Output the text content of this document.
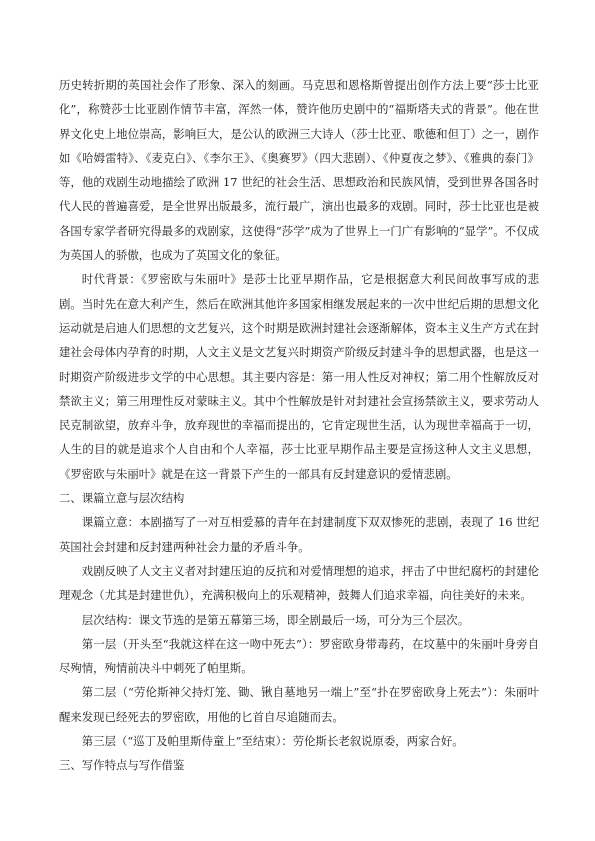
历史转折期的英国社会作了形象、深入的刻画。马克思和恩格斯曾提出创作方法上要“莎士比亚化”，称赞莎士比亚剧作情节丰富，浑然一体，赞许他历史剧中的“福斯塔夫式的背景”。他在世界文化史上地位崇高，影响巨大，是公认的欧洲三大诗人（莎士比亚、歌德和但丁）之一，剧作如《哈姆雷特》、《麦克白》、《李尔王》、《奥赛罗》（四大悲剧）、《仲夏夜之梦》、《雅典的泰门》等，他的戏剧生动地描绘了欧洲 17 世纪的社会生活、思想政治和民族风情，受到世界各国各时代人民的普遍喜爱，是全世界出版最多，流行最广，演出也最多的戏剧。同时，莎士比亚也是被各国专家学者研究得最多的戏剧家，这使得“莎学”成为了世界上一门广有影响的“显学”。不仅成为英国人的骄傲，也成为了英国文化的象征。

时代背景：《罗密欧与朱丽叶》是莎士比亚早期作品，它是根据意大利民间故事写成的悲剧。当时先在意大利产生，然后在欧洲其他许多国家相继发展起来的一次中世纪后期的思想文化运动就是启迪人们思想的文艺复兴，这个时期是欧洲封建社会逐渐解体，资本主义生产方式在封建社会母体内孕育的时期，人文主义是文艺复兴时期资产阶级反封建斗争的思想武器，也是这一时期资产阶级进步文学的中心思想。其主要内容是：第一用人性反对神权；第二用个性解放反对禁欲主义；第三用理性反对蒙昧主义。其中个性解放是针对封建社会宣扬禁欲主义，要求劳动人民克制欲望，放弃斗争，放弃现世的幸福而提出的，它肯定现世生活，认为现世幸福高于一切，人生的目的就是追求个人自由和个人幸福，莎士比亚早期作品主要是宣扬这种人文主义思想，《罗密欧与朱丽叶》就是在这一背景下产生的一部具有反封建意识的爱情悲剧。

二、课篇立意与层次结构

课篇立意：本剧描写了一对互相爱慕的青年在封建制度下双双惨死的悲剧，表现了 16 世纪英国社会封建和反封建两种社会力量的矛盾斗争。

戏剧反映了人文主义者对封建压迫的反抗和对爱情理想的追求，抨击了中世纪腐朽的封建伦理观念（尤其是封建世仇），充满积极向上的乐观精神，鼓舞人们追求幸福，向往美好的未来。

层次结构：课文节选的是第五幕第三场，即全剧最后一场，可分为三个层次。

第一层（开头至“我就这样在这一吻中死去”）：罗密欧身带毒药，在坟墓中的朱丽叶身旁自尽殉情，殉情前决斗中刺死了帕里斯。

第二层（“劳伦斯神父持灯笼、锄、锹自墓地另一端上”至“扑在罗密欧身上死去”）：朱丽叶醒来发现已经死去的罗密欧，用他的匕首自尽追随而去。

第三层（“巡丁及帕里斯侍童上”至结束）：劳伦斯长老叙说原委，两家合好。

三、写作特点与写作借鉴
